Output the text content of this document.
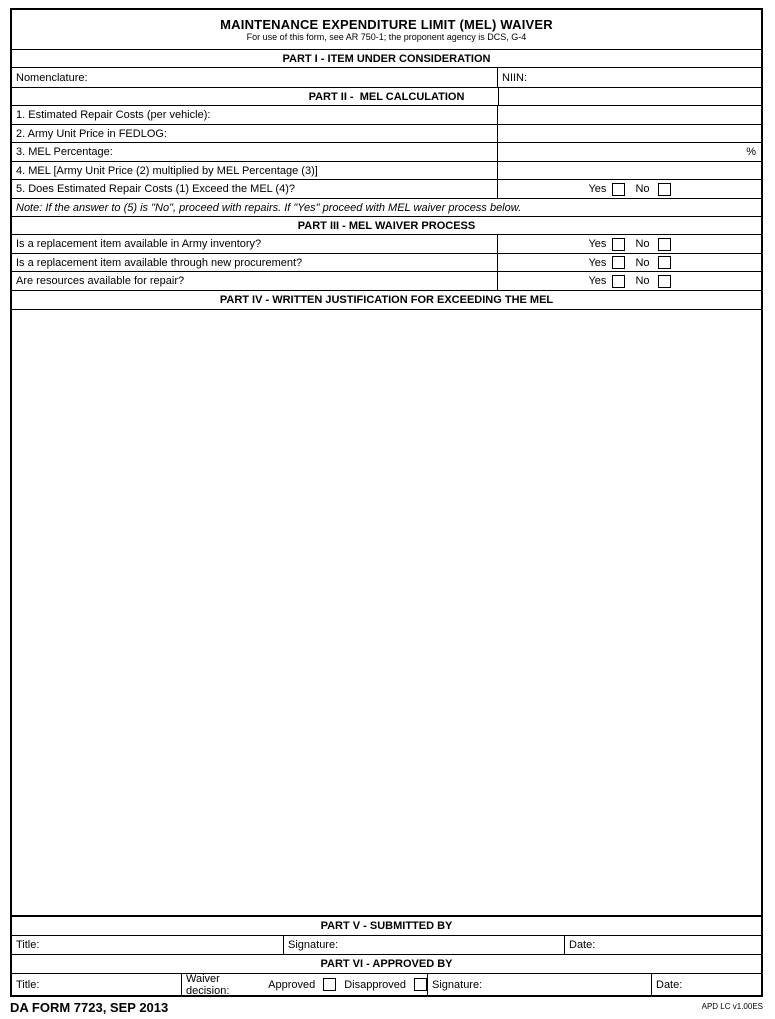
MAINTENANCE EXPENDITURE LIMIT (MEL) WAIVER
For use of this form, see AR 750-1; the proponent agency is DCS, G-4
PART I - ITEM UNDER CONSIDERATION
Nomenclature:	NIIN:
PART II -  MEL CALCULATION
1. Estimated Repair Costs (per vehicle):
2. Army Unit Price in FEDLOG:
3. MEL Percentage:	%
4. MEL [Army Unit Price (2) multiplied by MEL Percentage (3)]
5. Does Estimated Repair Costs (1) Exceed the MEL (4)?	Yes	No
Note: If the answer to (5) is "No", proceed with repairs. If "Yes" proceed with MEL waiver process below.
PART III - MEL WAIVER PROCESS
Is a replacement item available in Army inventory?	Yes	No
Is a replacement item available through new procurement?	Yes	No
Are resources available for repair?	Yes	No
PART IV - WRITTEN JUSTIFICATION FOR EXCEEDING THE MEL
PART V - SUBMITTED BY
Title:	Signature:	Date:
PART VI - APPROVED BY
Title:	Waiver decision:	Approved	Disapproved Signature:	Date:
DA FORM 7723, SEP 2013	APD LC v1.00ES
